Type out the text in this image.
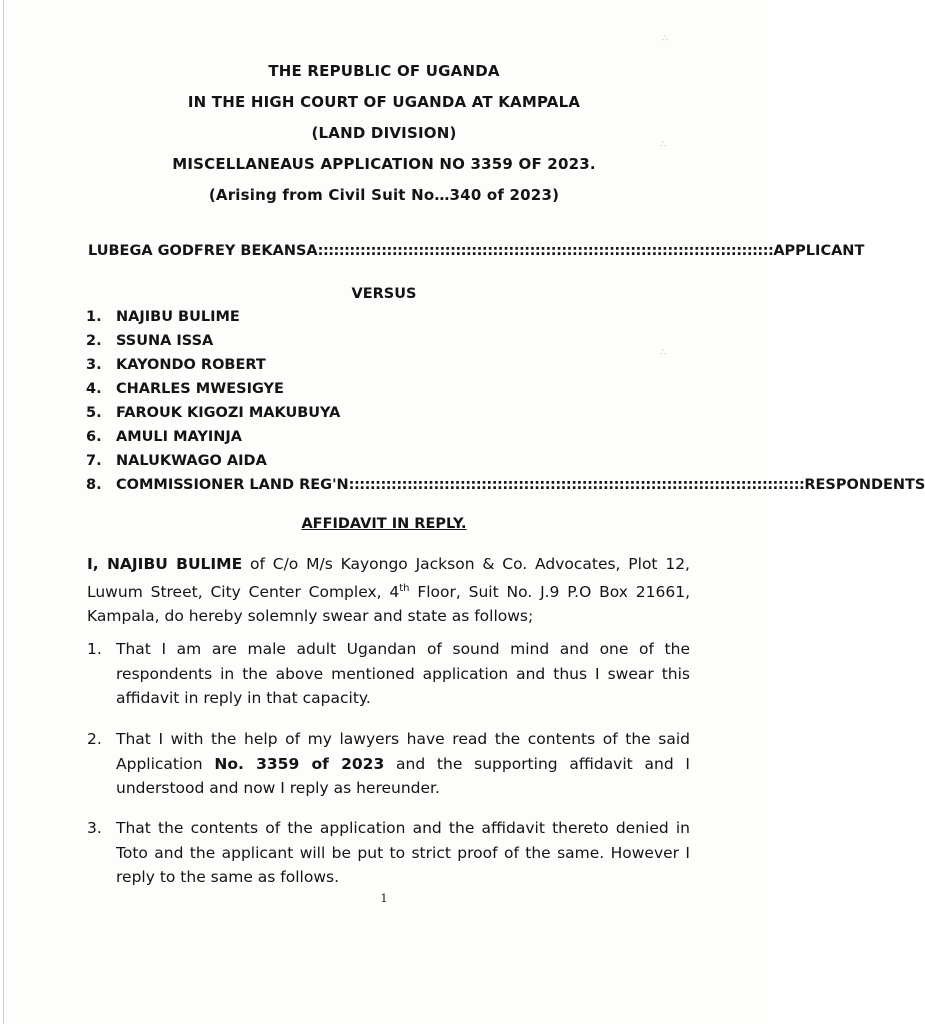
∴
∴
∴
THE REPUBLIC OF UGANDA
IN THE HIGH COURT OF UGANDA AT KAMPALA
(LAND DIVISION)
MISCELLANEAUS APPLICATION NO 3359 OF 2023.
(Arising from Civil Suit No…340 of 2023)
LUBEGA GODFREY BEKANSA :::::::::::::::::::::::::::::::::::::::::::::::::::::::::::::::::::::::::::::::::::::: APPLICANT
VERSUS
1. NAJIBU BULIME
2. SSUNA ISSA
3. KAYONDO ROBERT
4. CHARLES MWESIGYE
5. FAROUK KIGOZI MAKUBUYA
6. AMULI MAYINJA
7. NALUKWAGO AIDA
8. COMMISSIONER LAND REG'N :::::::::::::::::::::::::::::::::::::::::::::::::::::::::::::::::::::::::::::::::::::: RESPONDENTS
AFFIDAVIT IN REPLY.
I, NAJIBU BULIME of C/o M/s Kayongo Jackson & Co. Advocates, Plot 12, Luwum Street, City Center Complex, 4th Floor, Suit No. J.9 P.O Box 21661, Kampala, do hereby solemnly swear and state as follows;
1. That I am are male adult Ugandan of sound mind and one of the respondents in the above mentioned application and thus I swear this affidavit in reply in that capacity.
2. That I with the help of my lawyers have read the contents of the said Application No. 3359 of 2023 and the supporting affidavit and I understood and now I reply as hereunder.
3. That the contents of the application and the affidavit thereto denied in Toto and the applicant will be put to strict proof of the same. However I reply to the same as follows.
1
